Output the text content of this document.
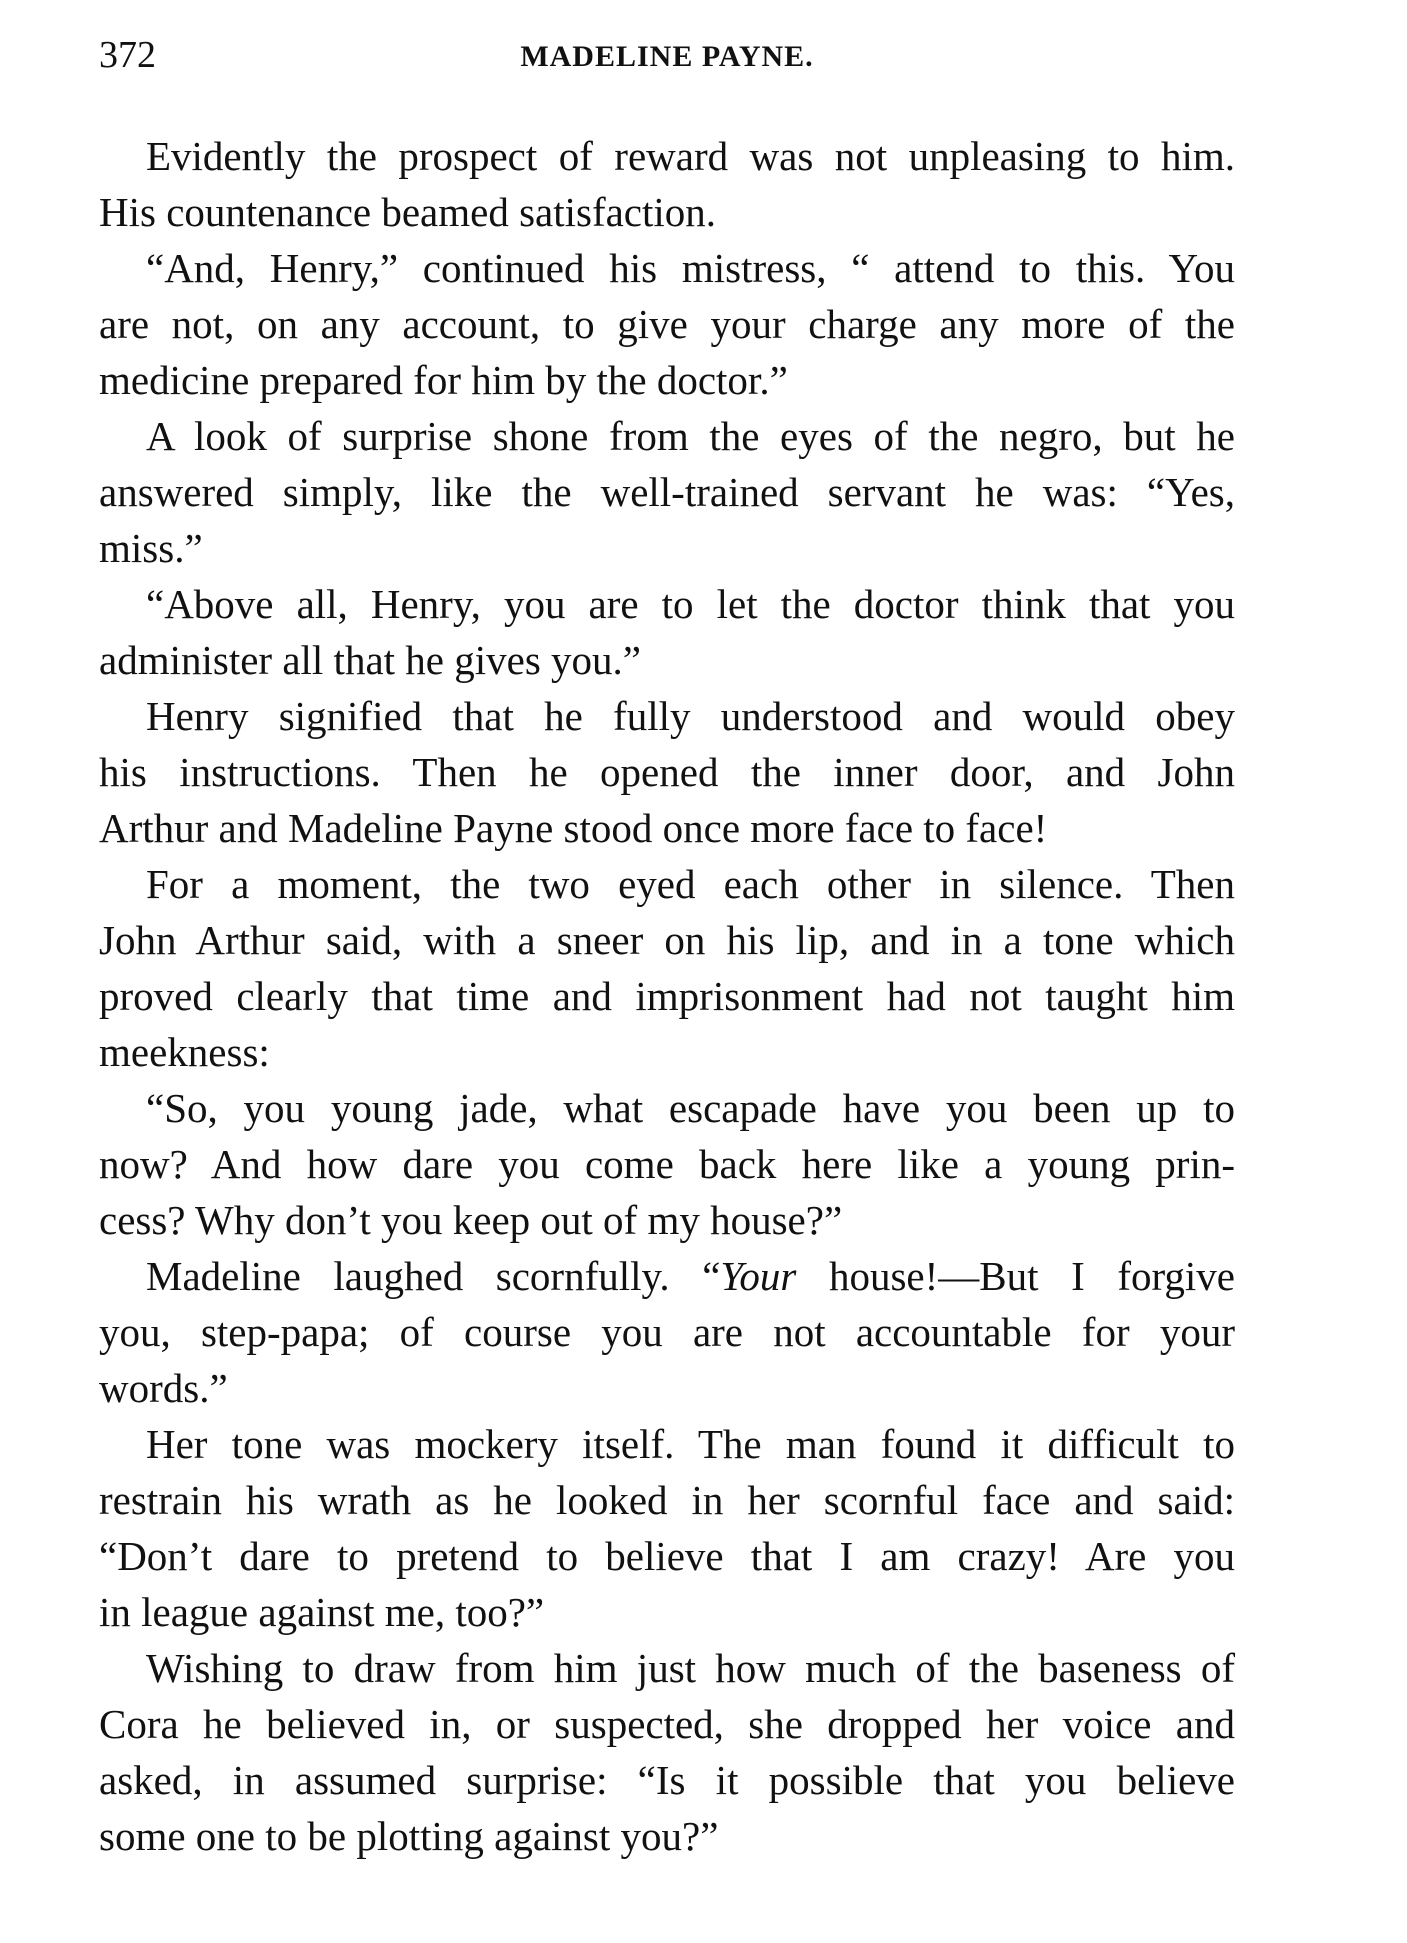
372	MADELINE PAYNE.
Evidently the prospect of reward was not unpleasing to him.
His countenance beamed satisfaction.
“And, Henry,” continued his mistress, “ attend to this. You
are not, on any account, to give your charge any more of the
medicine prepared for him by the doctor.”
A look of surprise shone from the eyes of the negro, but he
answered simply, like the well-trained servant he was: “Yes,
miss.”
“Above all, Henry, you are to let the doctor think that you
administer all that he gives you.”
Henry signified that he fully understood and would obey
his instructions. Then he opened the inner door, and John
Arthur and Madeline Payne stood once more face to face!
For a moment, the two eyed each other in silence. Then
John Arthur said, with a sneer on his lip, and in a tone which
proved clearly that time and imprisonment had not taught him
meekness:
“So, you young jade, what escapade have you been up to
now? And how dare you come back here like a young prin-
cess? Why don’t you keep out of my house?”
Madeline laughed scornfully. “Your house!—But I forgive
you, step-papa; of course you are not accountable for your
words.”
Her tone was mockery itself. The man found it difficult to
restrain his wrath as he looked in her scornful face and said:
“Don’t dare to pretend to believe that I am crazy! Are you
in league against me, too?”
Wishing to draw from him just how much of the baseness of
Cora he believed in, or suspected, she dropped her voice and
asked, in assumed surprise: “Is it possible that you believe
some one to be plotting against you?”
